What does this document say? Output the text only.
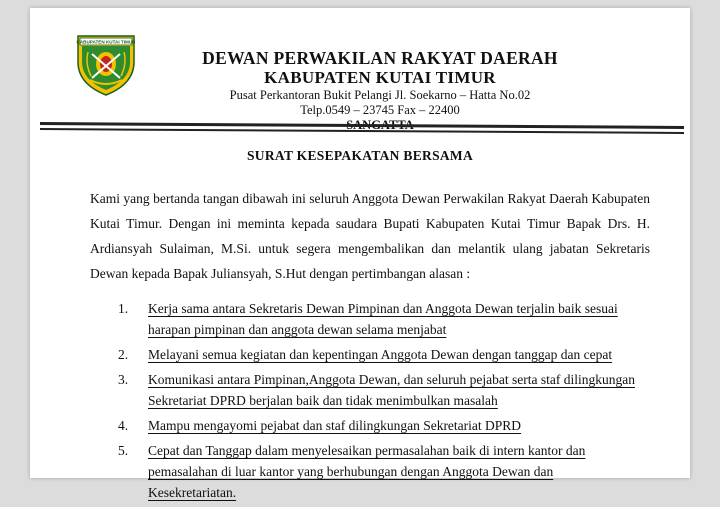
KABUPATEN KUTAI TIMUR
DEWAN PERWAKILAN RAKYAT DAERAH
KABUPATEN KUTAI TIMUR
Pusat Perkantoran Bukit Pelangi Jl. Soekarno – Hatta No.02
Telp.0549 – 23745 Fax – 22400
SURAT KESEPAKATAN BERSAMA
Kami yang bertanda tangan dibawah ini seluruh Anggota Dewan Perwakilan Rakyat Daerah Kabupaten Kutai Timur. Dengan ini meminta kepada saudara Bupati Kabupaten Kutai Timur Bapak Drs. H. Ardiansyah Sulaiman, M.Si. untuk segera mengembalikan dan melantik ulang jabatan Sekretaris Dewan kepada Bapak Juliansyah, S.Hut dengan pertimbangan alasan :
1. Kerja sama antara Sekretaris Dewan Pimpinan dan Anggota Dewan terjalin baik sesuai harapan pimpinan dan anggota dewan selama menjabat
2. Melayani semua kegiatan dan kepentingan Anggota Dewan dengan tanggap dan cepat
3. Komunikasi antara Pimpinan,Anggota Dewan, dan seluruh pejabat serta staf dilingkungan Sekretariat DPRD berjalan baik dan tidak menimbulkan masalah
4. Mampu mengayomi pejabat dan staf dilingkungan Sekretariat DPRD
5. Cepat dan Tanggap dalam menyelesaikan permasalahan baik di intern kantor dan pemasalahan di luar kantor yang berhubungan dengan Anggota Dewan dan Kesekretariatan.
